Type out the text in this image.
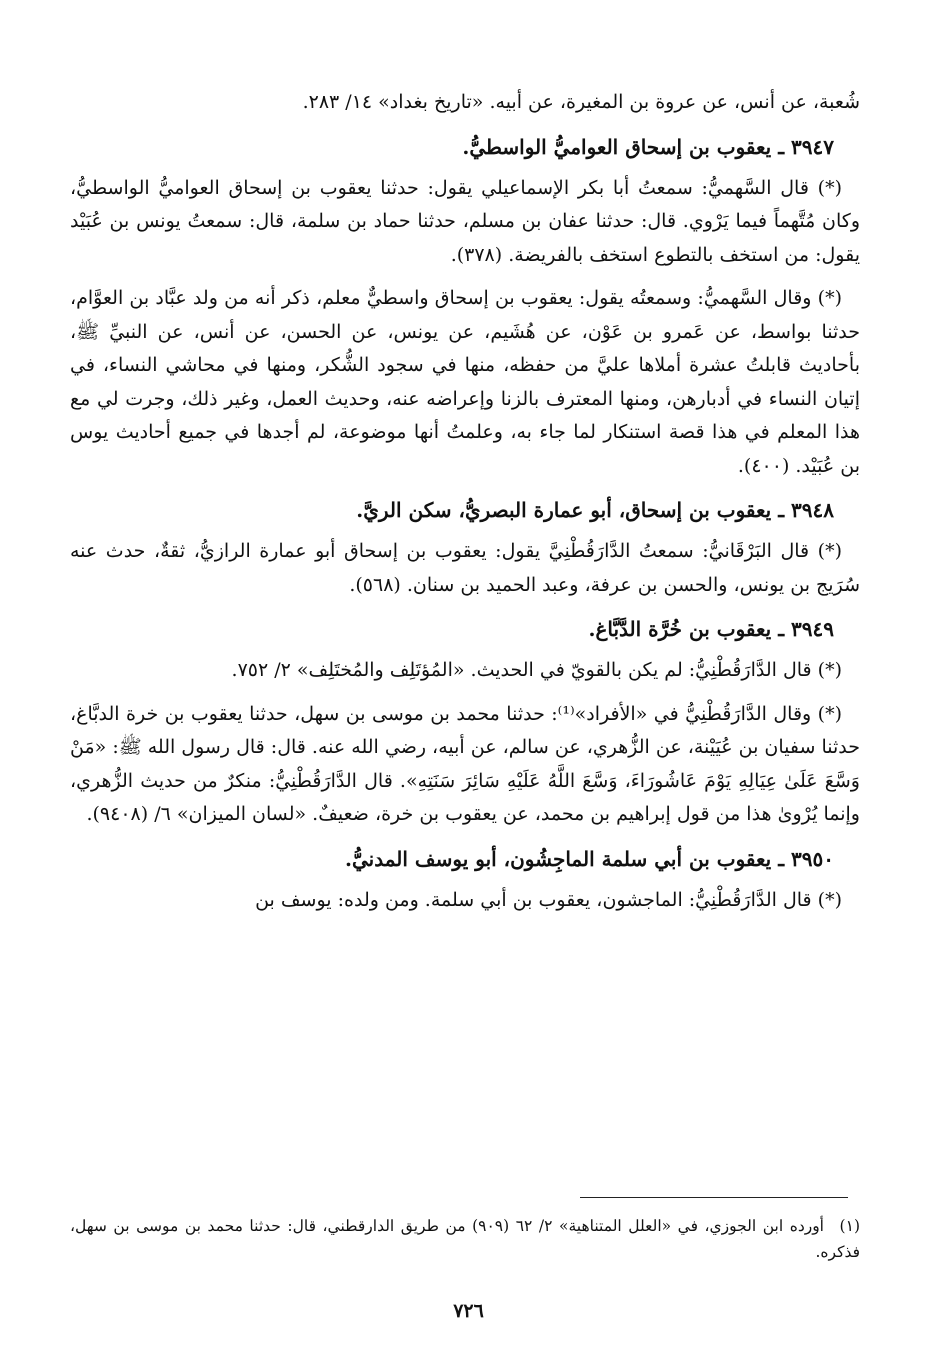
شُعبة، عن أنس، عن عروة بن المغيرة، عن أبيه. «تاريخ بغداد» ١٤/ ٢٨٣.

٣٩٤٧ ـ يعقوب بن إسحاق العواميُّ الواسطيُّ.

(*) قال السَّهميُّ: سمعتُ أبا بكر الإسماعيلي يقول: حدثنا يعقوب بن إسحاق العواميُّ الواسطيُّ، وكان مُتَّهماً فيما يَرْوي. قال: حدثنا عفان بن مسلم، حدثنا حماد بن سلمة، قال: سمعتُ يونس بن عُبَيْد يقول: من استخف بالتطوع استخف بالفريضة. (٣٧٨).

(*) وقال السَّهميُّ: وسمعتُه يقول: يعقوب بن إسحاق واسطيٌّ معلم، ذكر أنه من ولد عبَّاد بن العوَّام، حدثنا بواسط، عن عَمرو بن عَوْن، عن هُشَيم، عن يونس، عن الحسن، عن أنس، عن النبيِّ ﷺ، بأحاديث قابلتُ عشرة أملاها عليَّ من حفظه، منها في سجود الشُّكر، ومنها في محاشي النساء، في إتيان النساء في أدبارهن، ومنها المعترف بالزنا وإعراضه عنه، وحديث العمل، وغير ذلك، وجرت لي مع هذا المعلم في هذا قصة استنكار لما جاء به، وعلمتُ أنها موضوعة، لم أجدها في جميع أحاديث يوس بن عُبَيْد. (٤٠٠).

٣٩٤٨ ـ يعقوب بن إسحاق، أبو عمارة البصريُّ، سكن الريَّ.

(*) قال البَرْقَانيُّ: سمعتُ الدَّارَقُطْنِيَّ يقول: يعقوب بن إسحاق أبو عمارة الرازيُّ، ثقةٌ، حدث عنه سُرَيج بن يونس، والحسن بن عرفة، وعبد الحميد بن سنان. (٥٦٨).

٣٩٤٩ ـ يعقوب بن خُرَّة الدَّبَّاغ.

(*) قال الدَّارَقُطْنِيُّ: لم يكن بالقويّ في الحديث. «المُؤتَلِف والمُختَلِف» ٢/ ٧٥٢.

(*) وقال الدَّارَقُطْنِيُّ في «الأفراد»⁽¹⁾: حدثنا محمد بن موسى بن سهل، حدثنا يعقوب بن خرة الدبَّاغ، حدثنا سفيان بن عُيَيْنة، عن الزُّهري، عن سالم، عن أبيه، رضي الله عنه. قال: قال رسول الله ﷺ: «مَنْ وَسَّعَ عَلَىٰ عِيَالِهِ يَوْمَ عَاشُورَاءَ، وَسَّعَ اللَّهُ عَلَيْهِ سَائِرَ سَنَتِهِ». قال الدَّارَقُطْنِيُّ: منكرٌ من حديث الزُّهري، وإنما يُرْوىٰ هذا من قول إبراهيم بن محمد، عن يعقوب بن خرة، ضعيفٌ. «لسان الميزان» ٦/ (٩٤٠٨).

٣٩٥٠ ـ يعقوب بن أبي سلمة الماجِشُون، أبو يوسف المدنيُّ.

(*) قال الدَّارَقُطْنِيُّ: الماجشون، يعقوب بن أبي سلمة. ومن ولده: يوسف بن

(١)أورده ابن الجوزي، في «العلل المتناهية» ٢/ ٦٢ (٩٠٩) من طريق الدارقطني، قال: حدثنا محمد بن موسى بن سهل، فذكره.
٧٢٦
